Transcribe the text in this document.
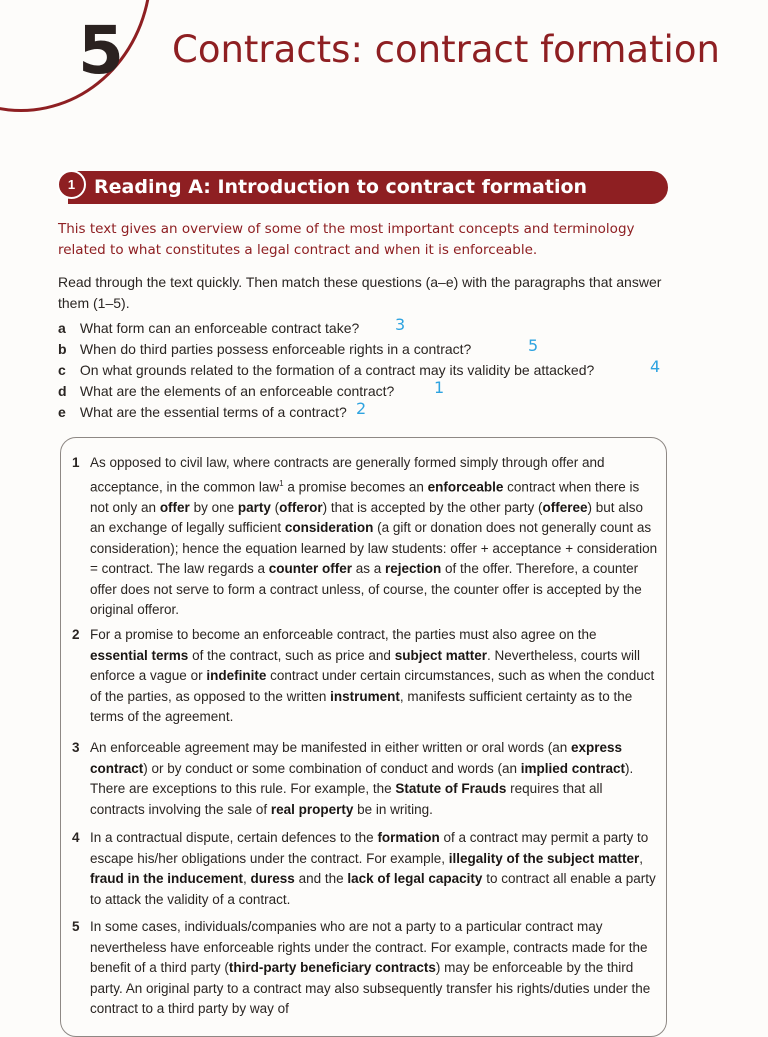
5 Contracts: contract formation
1 Reading A: Introduction to contract formation
This text gives an overview of some of the most important concepts and terminology related to what constitutes a legal contract and when it is enforceable.
Read through the text quickly. Then match these questions (a–e) with the paragraphs that answer them (1–5).
a What form can an enforceable contract take? 3
b When do third parties possess enforceable rights in a contract?	5
c On what grounds related to the formation of a contract may its validity be attacked?	4
d What are the elements of an enforceable contract? 1
e What are the essential terms of a contract? 2
1 As opposed to civil law, where contracts are generally formed simply through offer and acceptance, in the common law$^1$ a promise becomes an enforceable contract when there is not only an offer by one party (offeror) that is accepted by the other party (offeree) but also an exchange of legally sufficient consideration (a gift or donation does not generally count as consideration); hence the equation learned by law students: offer + acceptance + consideration = contract. The law regards a counter offer as a rejection of the offer. Therefore, a counter offer does not serve to form a contract unless, of course, the counter offer is accepted by the original offeror.
2 For a promise to become an enforceable contract, the parties must also agree on the essential terms of the contract, such as price and subject matter. Nevertheless, courts will enforce a vague or indefinite contract under certain circumstances, such as when the conduct of the parties, as opposed to the written instrument, manifests sufficient certainty as to the terms of the agreement.
3 An enforceable agreement may be manifested in either written or oral words (an express contract) or by conduct or some combination of conduct and words (an implied contract). There are exceptions to this rule. For example, the Statute of Frauds requires that all contracts involving the sale of real property be in writing.
4 In a contractual dispute, certain defences to the formation of a contract may permit a party to escape his/her obligations under the contract. For example, illegality of the subject matter, fraud in the inducement, duress and the lack of legal capacity to contract all enable a party to attack the validity of a contract.
5 In some cases, individuals/companies who are not a party to a particular contract may nevertheless have enforceable rights under the contract. For example, contracts made for the benefit of a third party (third-party beneficiary contracts) may be enforceable by the third party. An original party to a contract may also subsequently transfer his rights/duties under the contract to a third party by way of
